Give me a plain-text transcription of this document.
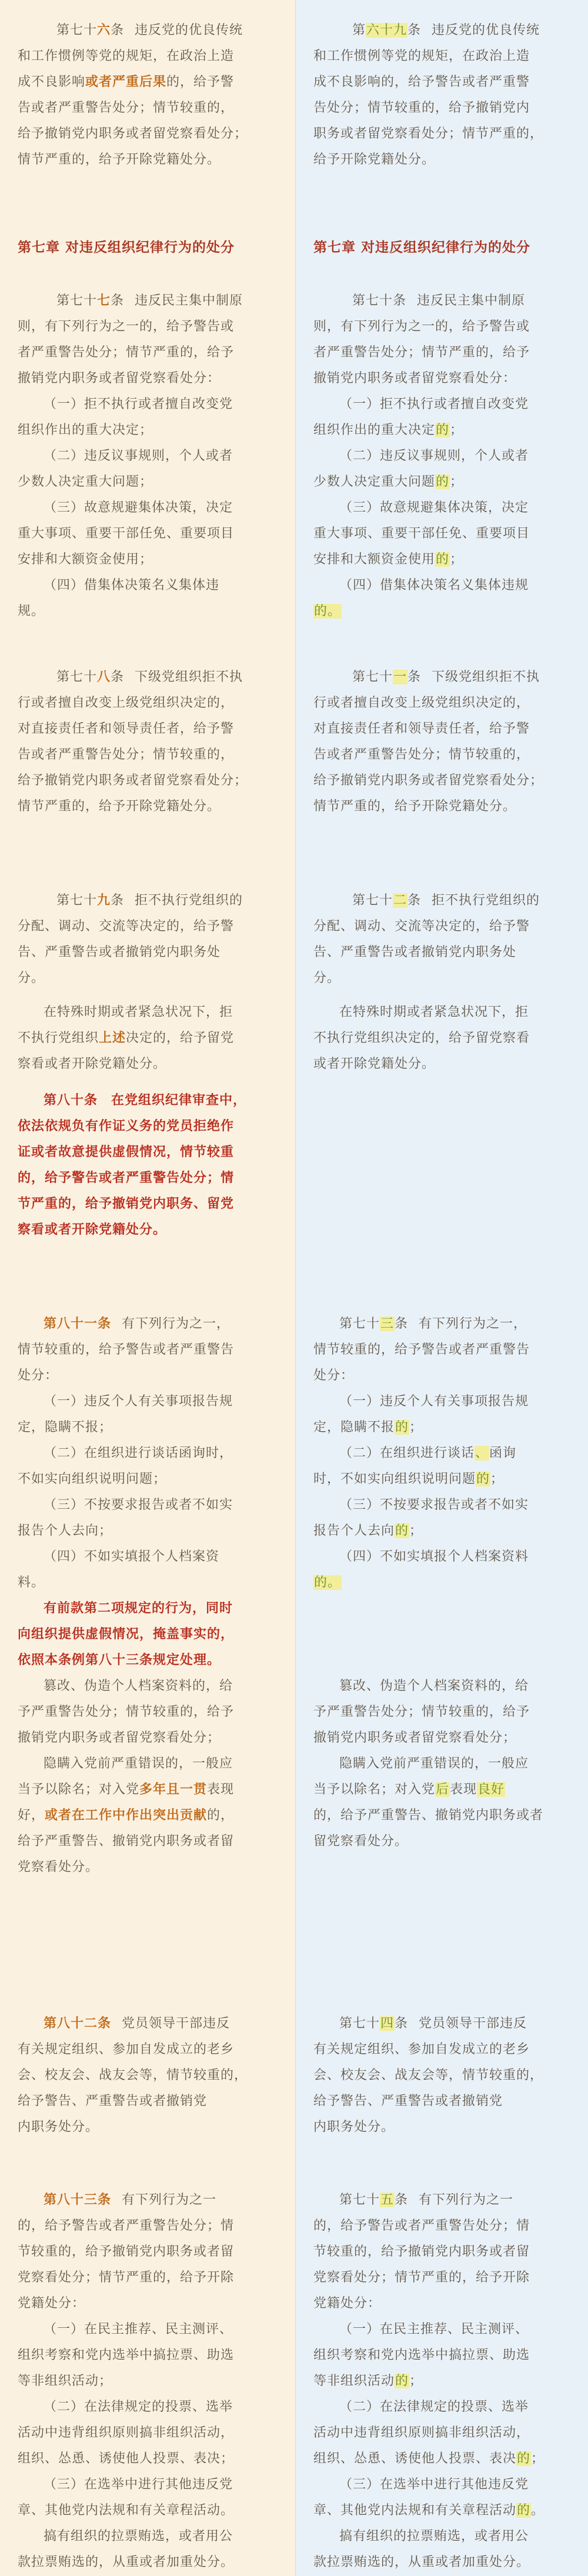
第七十六条 违反党的优良传统

和工作惯例等党的规矩，在政治上造

成不良影响或者严重后果的，给予警

告或者严重警告处分；情节较重的，

给予撤销党内职务或者留党察看处分；

情节严重的，给予开除党籍处分。

第七章 对违反组织纪律行为的处分

第七十七条 违反民主集中制原

则，有下列行为之一的，给予警告或

者严重警告处分；情节严重的，给予

撤销党内职务或者留党察看处分：

（一）拒不执行或者擅自改变党

组织作出的重大决定；

（二）违反议事规则，个人或者

少数人决定重大问题；

（三）故意规避集体决策，决定

重大事项、重要干部任免、重要项目

安排和大额资金使用；

（四）借集体决策名义集体违

规。

第七十八条 下级党组织拒不执

行或者擅自改变上级党组织决定的，

对直接责任者和领导责任者，给予警

告或者严重警告处分；情节较重的，

给予撤销党内职务或者留党察看处分；

情节严重的，给予开除党籍处分。

第七十九条 拒不执行党组织的

分配、调动、交流等决定的，给予警

告、严重警告或者撤销党内职务处

分。

在特殊时期或者紧急状况下，拒

不执行党组织上述决定的，给予留党

察看或者开除党籍处分。

第八十条　在党组织纪律审查中，

依法依规负有作证义务的党员拒绝作

证或者故意提供虚假情况，情节较重

的，给予警告或者严重警告处分；情

节严重的，给予撤销党内职务、留党

察看或者开除党籍处分。

第八十一条 有下列行为之一，

情节较重的，给予警告或者严重警告

处分：

（一）违反个人有关事项报告规

定，隐瞒不报；

（二）在组织进行谈话函询时，

不如实向组织说明问题；

（三）不按要求报告或者不如实

报告个人去向；

（四）不如实填报个人档案资

料。

有前款第二项规定的行为，同时

向组织提供虚假情况，掩盖事实的，

依照本条例第八十三条规定处理。

篡改、伪造个人档案资料的，给

予严重警告处分；情节较重的，给予

撤销党内职务或者留党察看处分；

隐瞒入党前严重错误的，一般应

当予以除名；对入党多年且一贯表现

好，或者在工作中作出突出贡献的，

给予严重警告、撤销党内职务或者留

党察看处分。

第八十二条 党员领导干部违反

有关规定组织、参加自发成立的老乡

会、校友会、战友会等，情节较重的，

给予警告、严重警告或者撤销党

内职务处分。

第八十三条 有下列行为之一

的，给予警告或者严重警告处分；情

节较重的，给予撤销党内职务或者留

党察看处分；情节严重的，给予开除

党籍处分：

（一）在民主推荐、民主测评、

组织考察和党内选举中搞拉票、助选

等非组织活动；

（二）在法律规定的投票、选举

活动中违背组织原则搞非组织活动，

组织、怂恿、诱使他人投票、表决；

（三）在选举中进行其他违反党

章、其他党内法规和有关章程活动。

搞有组织的拉票贿选，或者用公

款拉票贿选的，从重或者加重处分。

第六十九条 违反党的优良传统

和工作惯例等党的规矩，在政治上造

成不良影响的，给予警告或者严重警

告处分；情节较重的，给予撤销党内

职务或者留党察看处分；情节严重的，

给予开除党籍处分。

第七章 对违反组织纪律行为的处分

第七十条 违反民主集中制原

则，有下列行为之一的，给予警告或

者严重警告处分；情节严重的，给予

撤销党内职务或者留党察看处分：

（一）拒不执行或者擅自改变党

组织作出的重大决定的；

（二）违反议事规则，个人或者

少数人决定重大问题的；

（三）故意规避集体决策，决定

重大事项、重要干部任免、重要项目

安排和大额资金使用的；

（四）借集体决策名义集体违规

的。

第七十一条 下级党组织拒不执

行或者擅自改变上级党组织决定的，

对直接责任者和领导责任者，给予警

告或者严重警告处分；情节较重的，

给予撤销党内职务或者留党察看处分；

情节严重的，给予开除党籍处分。

第七十二条 拒不执行党组织的

分配、调动、交流等决定的，给予警

告、严重警告或者撤销党内职务处

分。

在特殊时期或者紧急状况下，拒

不执行党组织决定的，给予留党察看

或者开除党籍处分。

第七十三条 有下列行为之一，

情节较重的，给予警告或者严重警告

处分：

（一）违反个人有关事项报告规

定，隐瞒不报的；

（二）在组织进行谈话、函询

时，不如实向组织说明问题的；

（三）不按要求报告或者不如实

报告个人去向的；

（四）不如实填报个人档案资料

的。

篡改、伪造个人档案资料的，给

予严重警告处分；情节较重的，给予

撤销党内职务或者留党察看处分；

隐瞒入党前严重错误的，一般应

当予以除名；对入党后表现良好

的，给予严重警告、撤销党内职务或者

留党察看处分。

第七十四条 党员领导干部违反

有关规定组织、参加自发成立的老乡

会、校友会、战友会等，情节较重的，

给予警告、严重警告或者撤销党

内职务处分。

第七十五条 有下列行为之一

的，给予警告或者严重警告处分；情

节较重的，给予撤销党内职务或者留

党察看处分；情节严重的，给予开除

党籍处分：

（一）在民主推荐、民主测评、

组织考察和党内选举中搞拉票、助选

等非组织活动的；

（二）在法律规定的投票、选举

活动中违背组织原则搞非组织活动，

组织、怂恿、诱使他人投票、表决的；

（三）在选举中进行其他违反党

章、其他党内法规和有关章程活动的。

搞有组织的拉票贿选，或者用公

款拉票贿选的，从重或者加重处分。
